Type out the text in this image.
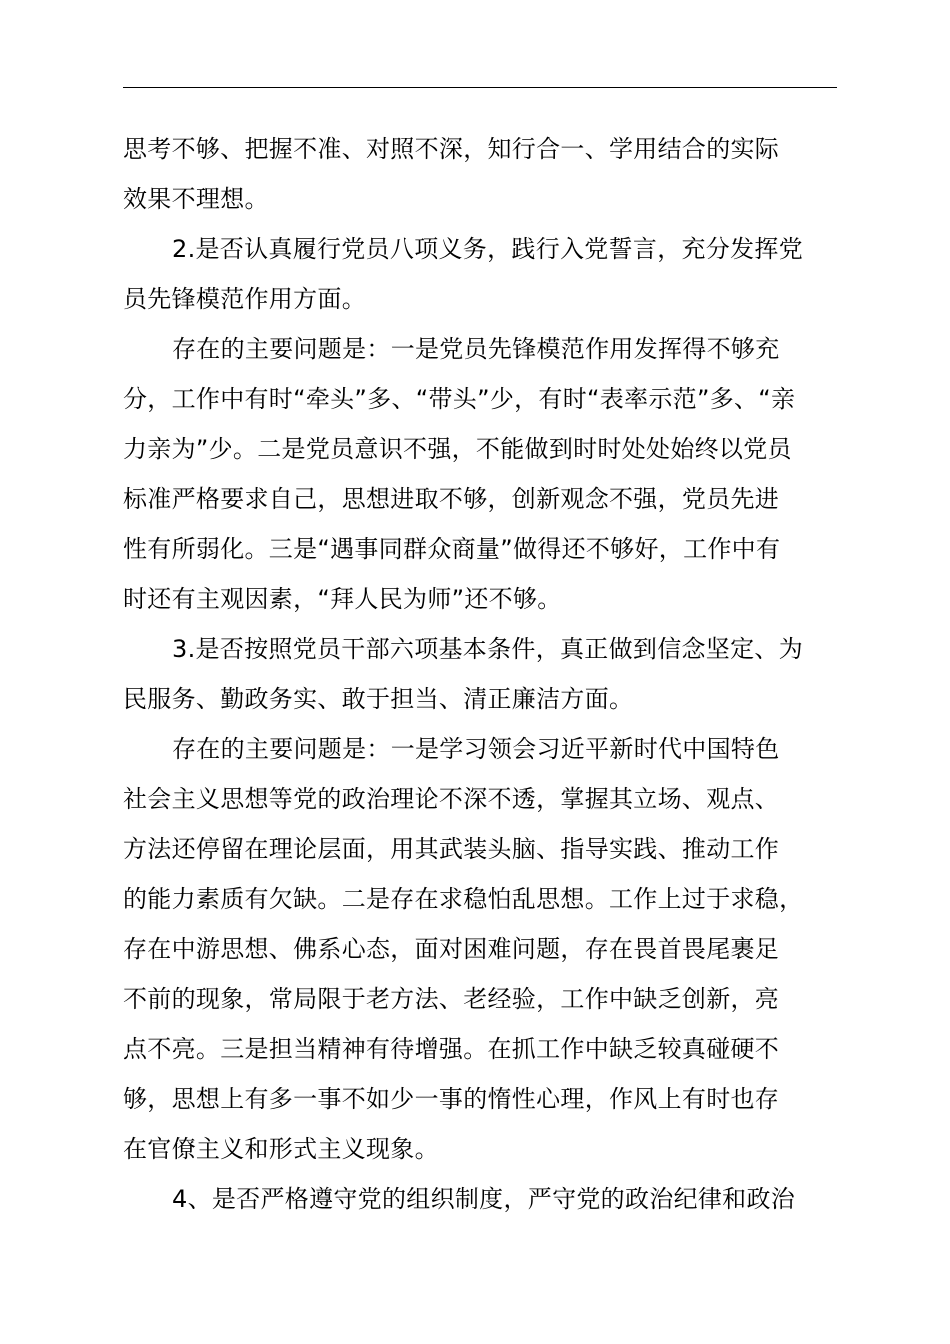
思考不够、把握不准、对照不深，知行合一、学用结合的实际
效果不理想。
2.是否认真履行党员八项义务，践行入党誓言，充分发挥党
员先锋模范作用方面。
存在的主要问题是：一是党员先锋模范作用发挥得不够充
分，工作中有时“牵头”多、“带头”少，有时“表率示范”多、“亲
力亲为”少。二是党员意识不强，不能做到时时处处始终以党员
标准严格要求自己，思想进取不够，创新观念不强，党员先进
性有所弱化。三是“遇事同群众商量”做得还不够好，工作中有
时还有主观因素，“拜人民为师”还不够。
3.是否按照党员干部六项基本条件，真正做到信念坚定、为
民服务、勤政务实、敢于担当、清正廉洁方面。
存在的主要问题是：一是学习领会习近平新时代中国特色
社会主义思想等党的政治理论不深不透，掌握其立场、观点、
方法还停留在理论层面，用其武装头脑、指导实践、推动工作
的能力素质有欠缺。二是存在求稳怕乱思想。工作上过于求稳，
存在中游思想、佛系心态，面对困难问题，存在畏首畏尾裹足
不前的现象，常局限于老方法、老经验，工作中缺乏创新，亮
点不亮。三是担当精神有待增强。在抓工作中缺乏较真碰硬不
够，思想上有多一事不如少一事的惰性心理，作风上有时也存
在官僚主义和形式主义现象。
4、是否严格遵守党的组织制度，严守党的政治纪律和政治
